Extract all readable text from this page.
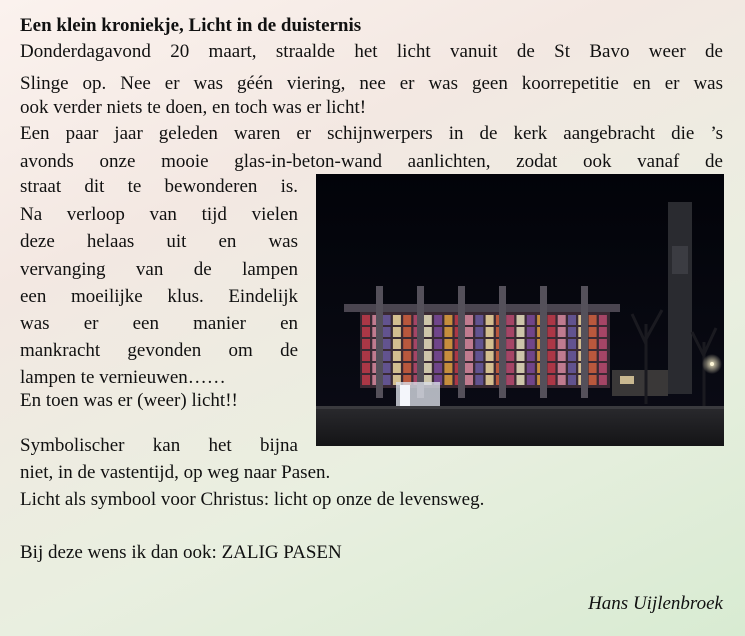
Een klein kroniekje, Licht in de duisternis
Donderdagavond 20 maart, straalde het licht vanuit de St Bavo weer de
Slinge op. Nee er was géén viering, nee er was geen koorrepetitie en er was
ook verder niets te doen, en toch was er licht!
Een paar jaar geleden waren er schijnwerpers in de kerk aangebracht die ’s
avonds onze mooie glas-in-beton-wand aanlichten, zodat ook vanaf de
straat dit te bewonderen is.
Na verloop van tijd vielen
deze helaas uit en was
vervanging van de lampen
een moeilijke klus. Eindelijk
was er een manier en
mankracht gevonden om de
lampen te vernieuwen……
En toen was er (weer) licht!!
Symbolischer kan het bijna
niet, in de vastentijd, op weg naar Pasen.
Licht als symbool voor Christus: licht op onze de levensweg.
Bij deze wens ik dan ook: ZALIG PASEN
Hans Uijlenbroek
